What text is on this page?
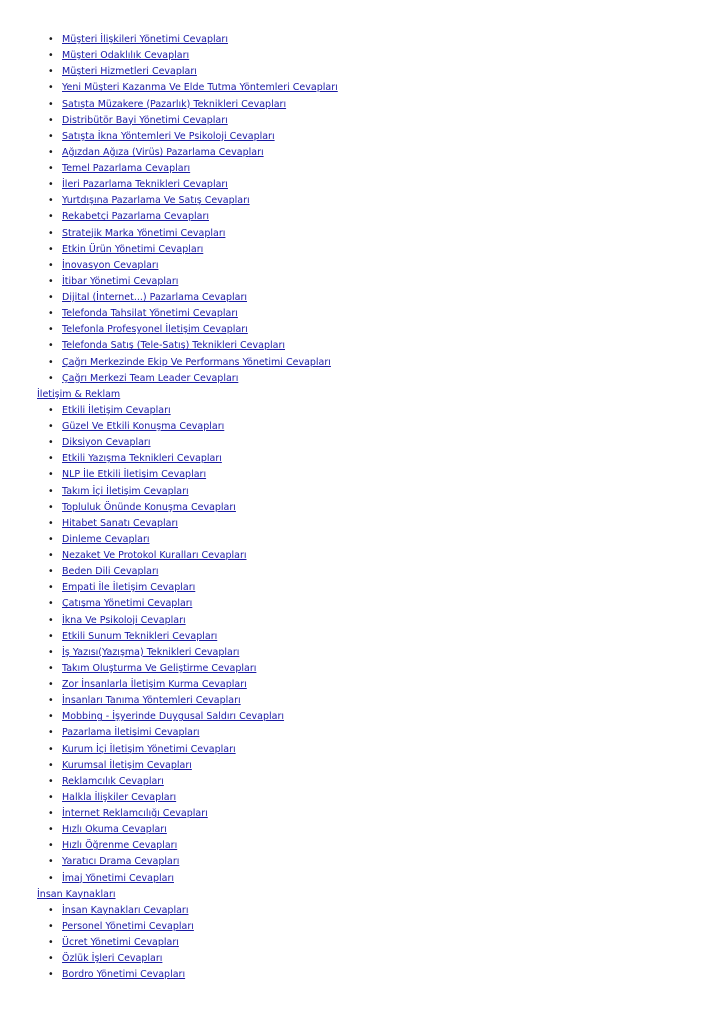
• Müşteri İlişkileri Yönetimi Cevapları
• Müşteri Odaklılık Cevapları
• Müşteri Hizmetleri Cevapları
• Yeni Müşteri Kazanma Ve Elde Tutma Yöntemleri Cevapları
• Satışta Müzakere (Pazarlık) Teknikleri Cevapları
• Distribütör Bayi Yönetimi Cevapları
• Satışta İkna Yöntemleri Ve Psikoloji Cevapları
• Ağızdan Ağıza (Virüs) Pazarlama Cevapları
• Temel Pazarlama Cevapları
• İleri Pazarlama Teknikleri Cevapları
• Yurtdışına Pazarlama Ve Satış Cevapları
• Rekabetçi Pazarlama Cevapları
• Stratejik Marka Yönetimi Cevapları
• Etkin Ürün Yönetimi Cevapları
• İnovasyon Cevapları
• İtibar Yönetimi Cevapları
• Dijital (İnternet...) Pazarlama Cevapları
• Telefonda Tahsilat Yönetimi Cevapları
• Telefonla Profesyonel İletişim Cevapları
• Telefonda Satış (Tele-Satış) Teknikleri Cevapları
• Çağrı Merkezinde Ekip Ve Performans Yönetimi Cevapları
• Çağrı Merkezi Team Leader Cevapları
İletişim & Reklam
• Etkili İletişim Cevapları
• Güzel Ve Etkili Konuşma Cevapları
• Diksiyon Cevapları
• Etkili Yazışma Teknikleri Cevapları
• NLP İle Etkili İletişim Cevapları
• Takım İçi İletişim Cevapları
• Topluluk Önünde Konuşma Cevapları
• Hitabet Sanatı Cevapları
• Dinleme Cevapları
• Nezaket Ve Protokol Kuralları Cevapları
• Beden Dili Cevapları
• Empati İle İletişim Cevapları
• Çatışma Yönetimi Cevapları
• İkna Ve Psikoloji Cevapları
• Etkili Sunum Teknikleri Cevapları
• İş Yazısı(Yazışma) Teknikleri Cevapları
• Takım Oluşturma Ve Geliştirme Cevapları
• Zor İnsanlarla İletişim Kurma Cevapları
• İnsanları Tanıma Yöntemleri Cevapları
• Mobbing - İşyerinde Duygusal Saldırı Cevapları
• Pazarlama İletişimi Cevapları
• Kurum İçi İletişim Yönetimi Cevapları
• Kurumsal İletişim Cevapları
• Reklamcılık Cevapları
• Halkla İlişkiler Cevapları
• İnternet Reklamcılığı Cevapları
• Hızlı Okuma Cevapları
• Hızlı Öğrenme Cevapları
• Yaratıcı Drama Cevapları
• İmaj Yönetimi Cevapları
İnsan Kaynakları
• İnsan Kaynakları Cevapları
• Personel Yönetimi Cevapları
• Ücret Yönetimi Cevapları
• Özlük İşleri Cevapları
• Bordro Yönetimi Cevapları
